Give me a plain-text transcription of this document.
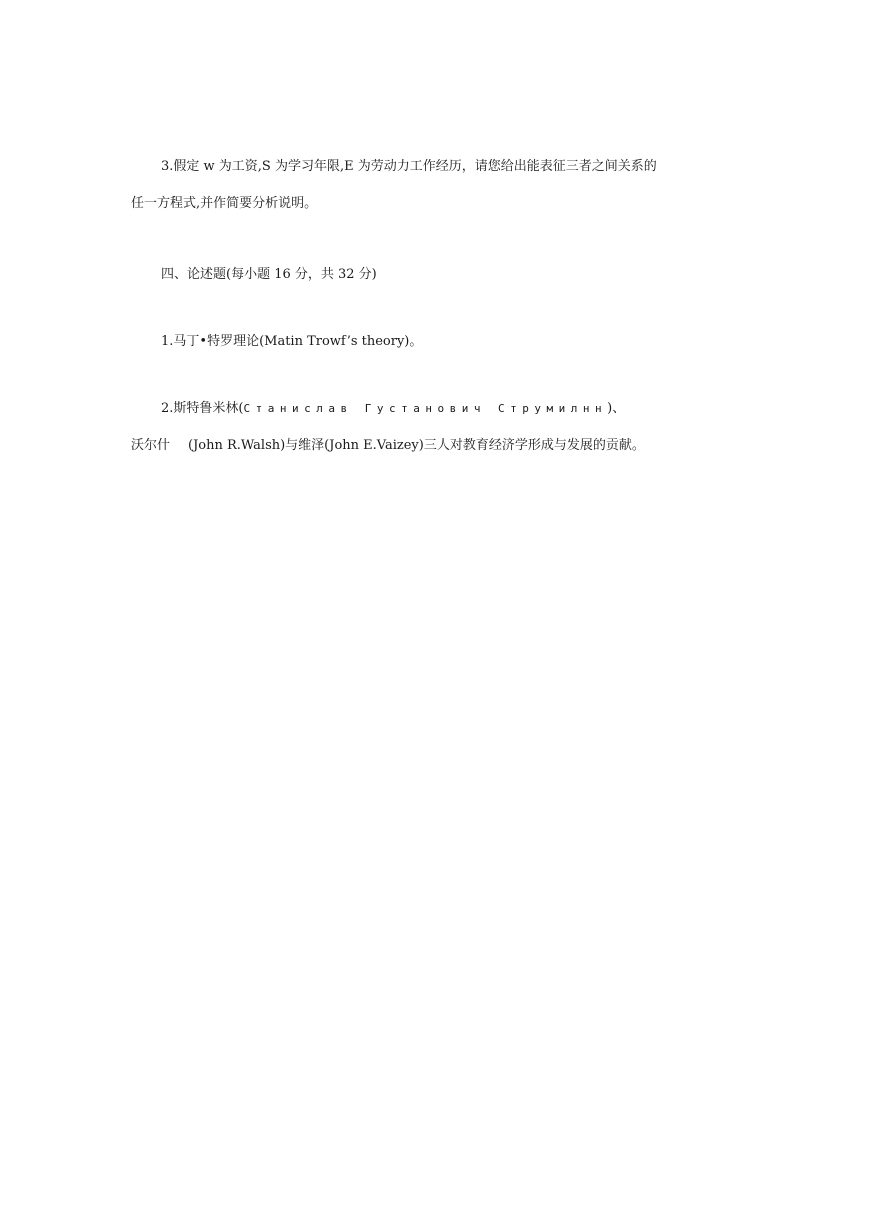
3.假定 w 为工资,S 为学习年限,E 为劳动力工作经历，请您给出能表征三者之间关系的
任一方程式,并作简要分析说明。
四、论述题(每小题 16 分，共 32 分)
1.马丁•特罗理论(Matin Trowf’s theory)。
2.斯特鲁米林(Станислав Густанович Струмилнн)、
沃尔什 (John R.Walsh)与维泽(John E.Vaizey)三人对教育经济学形成与发展的贡献。
